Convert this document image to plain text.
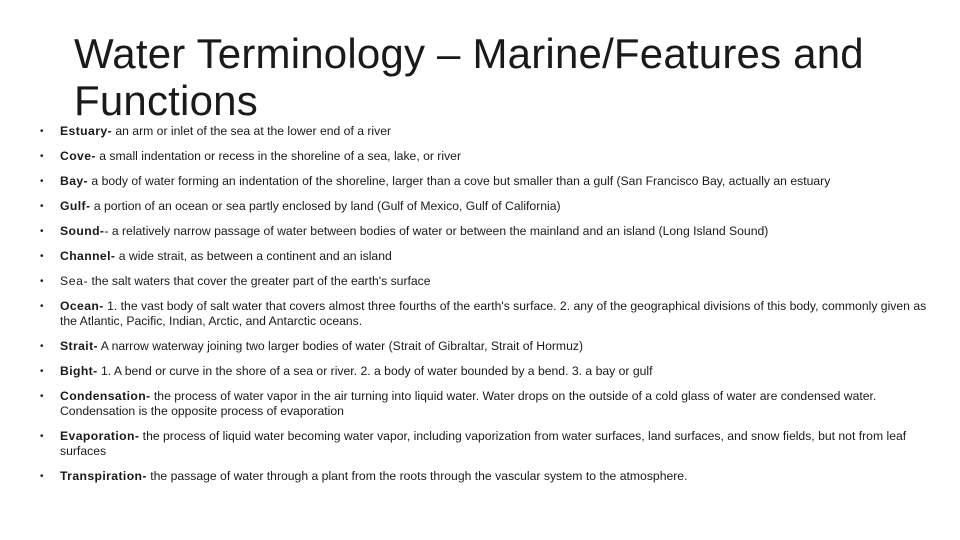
Water Terminology – Marine/Features and Functions
•	Estuary- an arm or inlet of the sea at the lower end of a river
•	Cove- a small indentation or recess in the shoreline of a sea, lake, or river
•	Bay- a body of water forming an indentation of the shoreline, larger than a cove but smaller than a gulf (San Francisco Bay, actually an estuary
•	Gulf- a portion of an ocean or sea partly enclosed by land (Gulf of Mexico, Gulf of California)
•	Sound-- a relatively narrow passage of water between bodies of water or between the mainland and an island (Long Island Sound)
•	Channel- a wide strait, as between a continent and an island
•	Sea- the salt waters that cover the greater part of the earth's surface
•	Ocean- 1. the vast body of salt water that covers almost three fourths of the earth's surface. 2. any of the geographical divisions of this body, commonly given as the Atlantic, Pacific, Indian, Arctic, and Antarctic oceans.
•	Strait- A narrow waterway joining two larger bodies of water (Strait of Gibraltar, Strait of Hormuz)
•	Bight- 1. A bend or curve in the shore of a sea or river. 2. a body of water bounded by a bend. 3. a bay or gulf
•	Condensation- the process of water vapor in the air turning into liquid water. Water drops on the outside of a cold glass of water are condensed water. Condensation is the opposite process of evaporation
•	Evaporation- the process of liquid water becoming water vapor, including vaporization from water surfaces, land surfaces, and snow fields, but not from leaf surfaces
•	Transpiration- the passage of water through a plant from the roots through the vascular system to the atmosphere.
